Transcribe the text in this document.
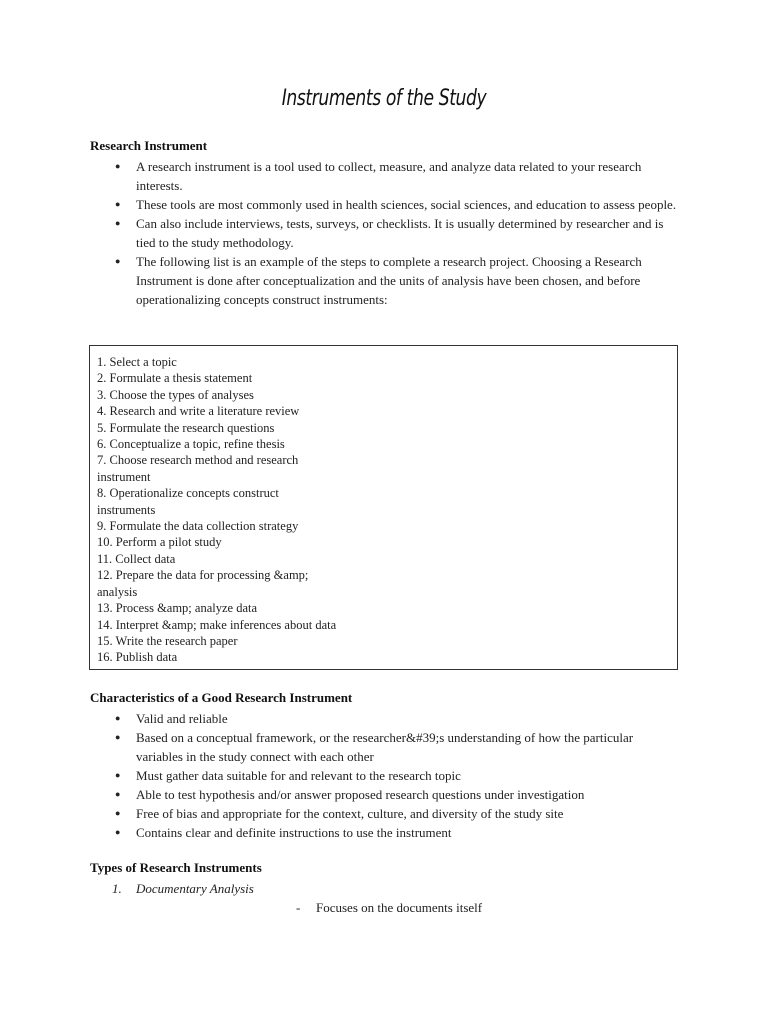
Instruments of the Study
Research Instrument
● A research instrument is a tool used to collect, measure, and analyze data related to your research interests.
● These tools are most commonly used in health sciences, social sciences, and education to assess people.
● Can also include interviews, tests, surveys, or checklists. It is usually determined by researcher and is tied to the study methodology.
● The following list is an example of the steps to complete a research project. Choosing a Research Instrument is done after conceptualization and the units of analysis have been chosen, and before operationalizing concepts construct instruments:
1. Select a topic
2. Formulate a thesis statement
3. Choose the types of analyses
4. Research and write a literature review
5. Formulate the research questions
6. Conceptualize a topic, refine thesis
7. Choose research method and research instrument
8. Operationalize concepts construct instruments
9. Formulate the data collection strategy
10. Perform a pilot study
11. Collect data
12. Prepare the data for processing &amp; analysis
13. Process &amp; analyze data
14. Interpret &amp; make inferences about data
15. Write the research paper
16. Publish data
Characteristics of a Good Research Instrument
● Valid and reliable
● Based on a conceptual framework, or the researcher&#39;s understanding of how the particular variables in the study connect with each other
● Must gather data suitable for and relevant to the research topic
● Able to test hypothesis and/or answer proposed research questions under investigation
● Free of bias and appropriate for the context, culture, and diversity of the study site
● Contains clear and definite instructions to use the instrument
Types of Research Instruments
1. Documentary Analysis
- Focuses on the documents itself
